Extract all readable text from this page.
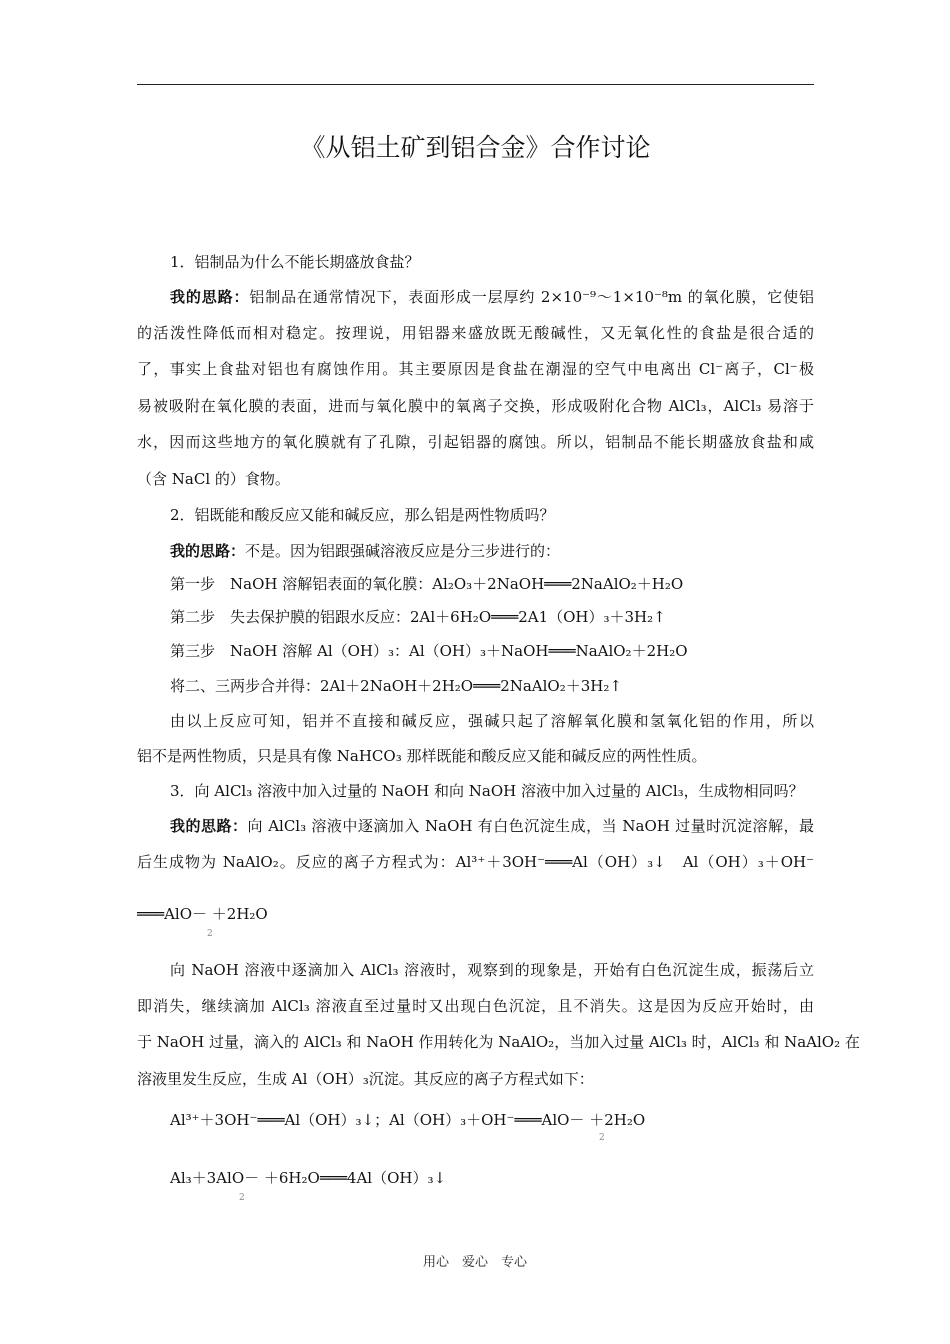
《从铝土矿到铝合金》合作讨论
1．铝制品为什么不能长期盛放食盐？
我的思路：铝制品在通常情况下，表面形成一层厚约 2×10⁻⁹～1×10⁻⁸m 的氧化膜，它使铝
的活泼性降低而相对稳定。按理说，用铝器来盛放既无酸碱性，又无氧化性的食盐是很合适的
了，事实上食盐对铝也有腐蚀作用。其主要原因是食盐在潮湿的空气中电离出 Cl⁻离子，Cl⁻极
易被吸附在氧化膜的表面，进而与氧化膜中的氧离子交换，形成吸附化合物 AlCl₃，AlCl₃ 易溶于
水，因而这些地方的氧化膜就有了孔隙，引起铝器的腐蚀。所以，铝制品不能长期盛放食盐和咸
（含 NaCl 的）食物。
2．铝既能和酸反应又能和碱反应，那么铝是两性物质吗？
我的思路：不是。因为铝跟强碱溶液反应是分三步进行的：
第一步　NaOH 溶解铝表面的氧化膜：Al₂O₃＋2NaOH═══2NaAlO₂＋H₂O
第二步　失去保护膜的铝跟水反应：2Al＋6H₂O═══2A1（OH）₃＋3H₂↑
第三步　NaOH 溶解 Al（OH）₃：Al（OH）₃＋NaOH═══NaAlO₂＋2H₂O
将二、三两步合并得：2Al＋2NaOH＋2H₂O═══2NaAlO₂＋3H₂↑
由以上反应可知，铝并不直接和碱反应，强碱只起了溶解氧化膜和氢氧化铝的作用，所以
铝不是两性物质，只是具有像 NaHCO₃ 那样既能和酸反应又能和碱反应的两性性质。
3．向 AlCl₃ 溶液中加入过量的 NaOH 和向 NaOH 溶液中加入过量的 AlCl₃，生成物相同吗？
我的思路：向 AlCl₃ 溶液中逐滴加入 NaOH 有白色沉淀生成，当 NaOH 过量时沉淀溶解，最
后生成物为 NaAlO₂。反应的离子方程式为：Al³⁺＋3OH⁻═══Al（OH）₃↓　Al（OH）₃＋OH⁻
═══AlO－ ＋2H₂O
2
向 NaOH 溶液中逐滴加入 AlCl₃ 溶液时，观察到的现象是，开始有白色沉淀生成，振荡后立
即消失，继续滴加 AlCl₃ 溶液直至过量时又出现白色沉淀，且不消失。这是因为反应开始时，由
于 NaOH 过量，滴入的 AlCl₃ 和 NaOH 作用转化为 NaAlO₂，当加入过量 AlCl₃ 时，AlCl₃ 和 NaAlO₂ 在
溶液里发生反应，生成 Al（OH）₃沉淀。其反应的离子方程式如下：
Al³⁺＋3OH⁻═══Al（OH）₃↓；Al（OH）₃＋OH⁻═══AlO－ ＋2H₂O
2
Al₃＋3AlO－ ＋6H₂O═══4Al（OH）₃↓
2
用心　爱心　专心
